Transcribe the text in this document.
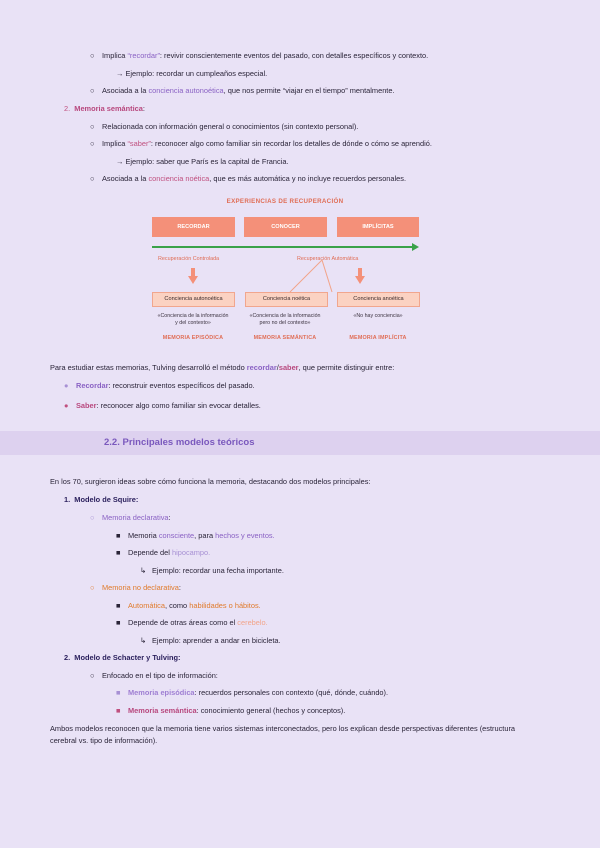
○ Implica “recordar”: revivir conscientemente eventos del pasado, con detalles específicos y contexto.
→ Ejemplo: recordar un cumpleaños especial.
○ Asociada a la conciencia autonoética, que nos permite “viajar en el tiempo” mentalmente.
2. Memoria semántica:
○ Relacionada con información general o conocimientos (sin contexto personal).
○ Implica “saber”: reconocer algo como familiar sin recordar los detalles de dónde o cómo se aprendió.
→ Ejemplo: saber que París es la capital de Francia.
○ Asociada a la conciencia noética, que es más automática y no incluye recuerdos personales.
EXPERIENCIAS DE RECUPERACIÓN
RECORDAR	CONOCER	IMPLÍCITAS
Recuperación Controlada	Recuperación Automática
Conciencia autonoética	Conciencia noética	Conciencia anoética
«Conciencia de la información
y del contexto»
«Conciencia de la información
pero no del contexto»
«No hay conciencia»
MEMORIA EPISÓDICA	MEMORIA SEMÁNTICA	MEMORIA IMPLÍCITA
Para estudiar estas memorias, Tulving desarrolló el método recordar/saber, que permite distinguir entre:
● Recordar: reconstruir eventos específicos del pasado.
● Saber: reconocer algo como familiar sin evocar detalles.
2.2. Principales modelos teóricos
En los 70, surgieron ideas sobre cómo funciona la memoria, destacando dos modelos principales:
1. Modelo de Squire:
○ Memoria declarativa:
■ Memoria consciente, para hechos y eventos.
■ Depende del hipocampo.
↳ Ejemplo: recordar una fecha importante.
○ Memoria no declarativa:
■ Automática, como habilidades o hábitos.
■ Depende de otras áreas como el cerebelo.
↳ Ejemplo: aprender a andar en bicicleta.
2. Modelo de Schacter y Tulving:
○ Enfocado en el tipo de información:
■ Memoria episódica: recuerdos personales con contexto (qué, dónde, cuándo).
■ Memoria semántica: conocimiento general (hechos y conceptos).
Ambos modelos reconocen que la memoria tiene varios sistemas interconectados, pero los explican desde perspectivas diferentes (estructura
cerebral vs. tipo de información).
